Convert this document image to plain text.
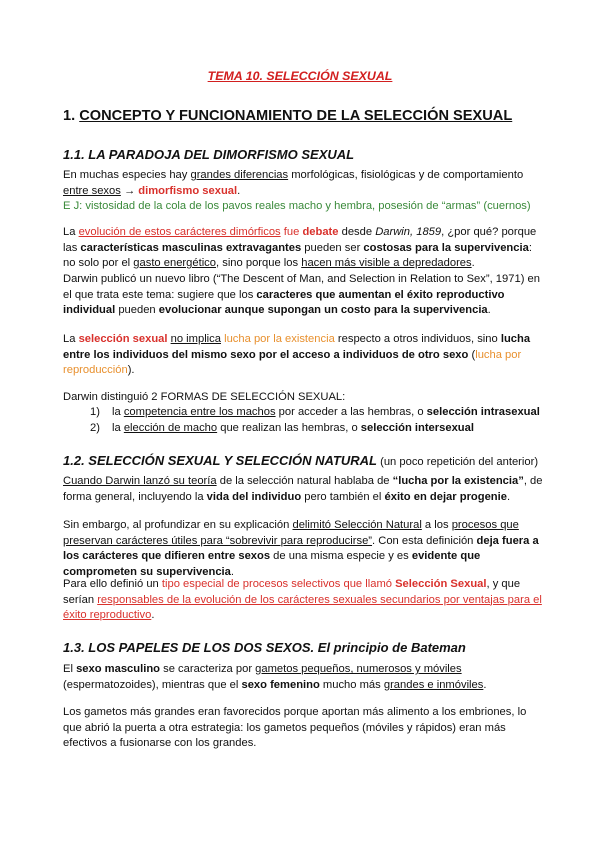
TEMA 10. SELECCIÓN SEXUAL
1. CONCEPTO Y FUNCIONAMIENTO DE LA SELECCIÓN SEXUAL
1.1. LA PARADOJA DEL DIMORFISMO SEXUAL
En muchas especies hay grandes diferencias morfológicas, fisiológicas y de comportamiento entre sexos → dimorfismo sexual.
E J: vistosidad de la cola de los pavos reales macho y hembra, posesión de “armas” (cuernos)
La evolución de estos carácteres dimórficos fue debate desde Darwin, 1859, ¿por qué? porque las características masculinas extravagantes pueden ser costosas para la supervivencia: no solo por el gasto energético, sino porque los hacen más visible a depredadores.
Darwin publicó un nuevo libro (“The Descent of Man, and Selection in Relation to Sex”, 1971) en el que trata este tema: sugiere que los caracteres que aumentan el éxito reproductivo individual pueden evolucionar aunque supongan un costo para la supervivencia.
La selección sexual no implica lucha por la existencia respecto a otros individuos, sino lucha entre los individuos del mismo sexo por el acceso a individuos de otro sexo (lucha por reproducción).
Darwin distinguió 2 FORMAS DE SELECCIÓN SEXUAL:
1) la competencia entre los machos por acceder a las hembras, o selección intrasexual
2) la elección de macho que realizan las hembras, o selección intersexual
1.2. SELECCIÓN SEXUAL Y SELECCIÓN NATURAL (un poco repetición del anterior)
Cuando Darwin lanzó su teoría de la selección natural hablaba de “lucha por la existencia”, de forma general, incluyendo la vida del individuo pero también el éxito en dejar progenie.
Sin embargo, al profundizar en su explicación delimitó Selección Natural a los procesos que preservan carácteres útiles para “sobrevivir para reproducirse”. Con esta definición deja fuera a los carácteres que difieren entre sexos de una misma especie y es evidente que comprometen su supervivencia.
Para ello definió un tipo especial de procesos selectivos que llamó Selección Sexual, y que serían responsables de la evolución de los carácteres sexuales secundarios por ventajas para el éxito reproductivo.
1.3. LOS PAPELES DE LOS DOS SEXOS. El principio de Bateman
El sexo masculino se caracteriza por gametos pequeños, numerosos y móviles (espermatozoides), mientras que el sexo femenino mucho más grandes e inmóviles.
Los gametos más grandes eran favorecidos porque aportan más alimento a los embriones, lo que abrió la puerta a otra estrategia: los gametos pequeños (móviles y rápidos) eran más efectivos a fusionarse con los grandes.
